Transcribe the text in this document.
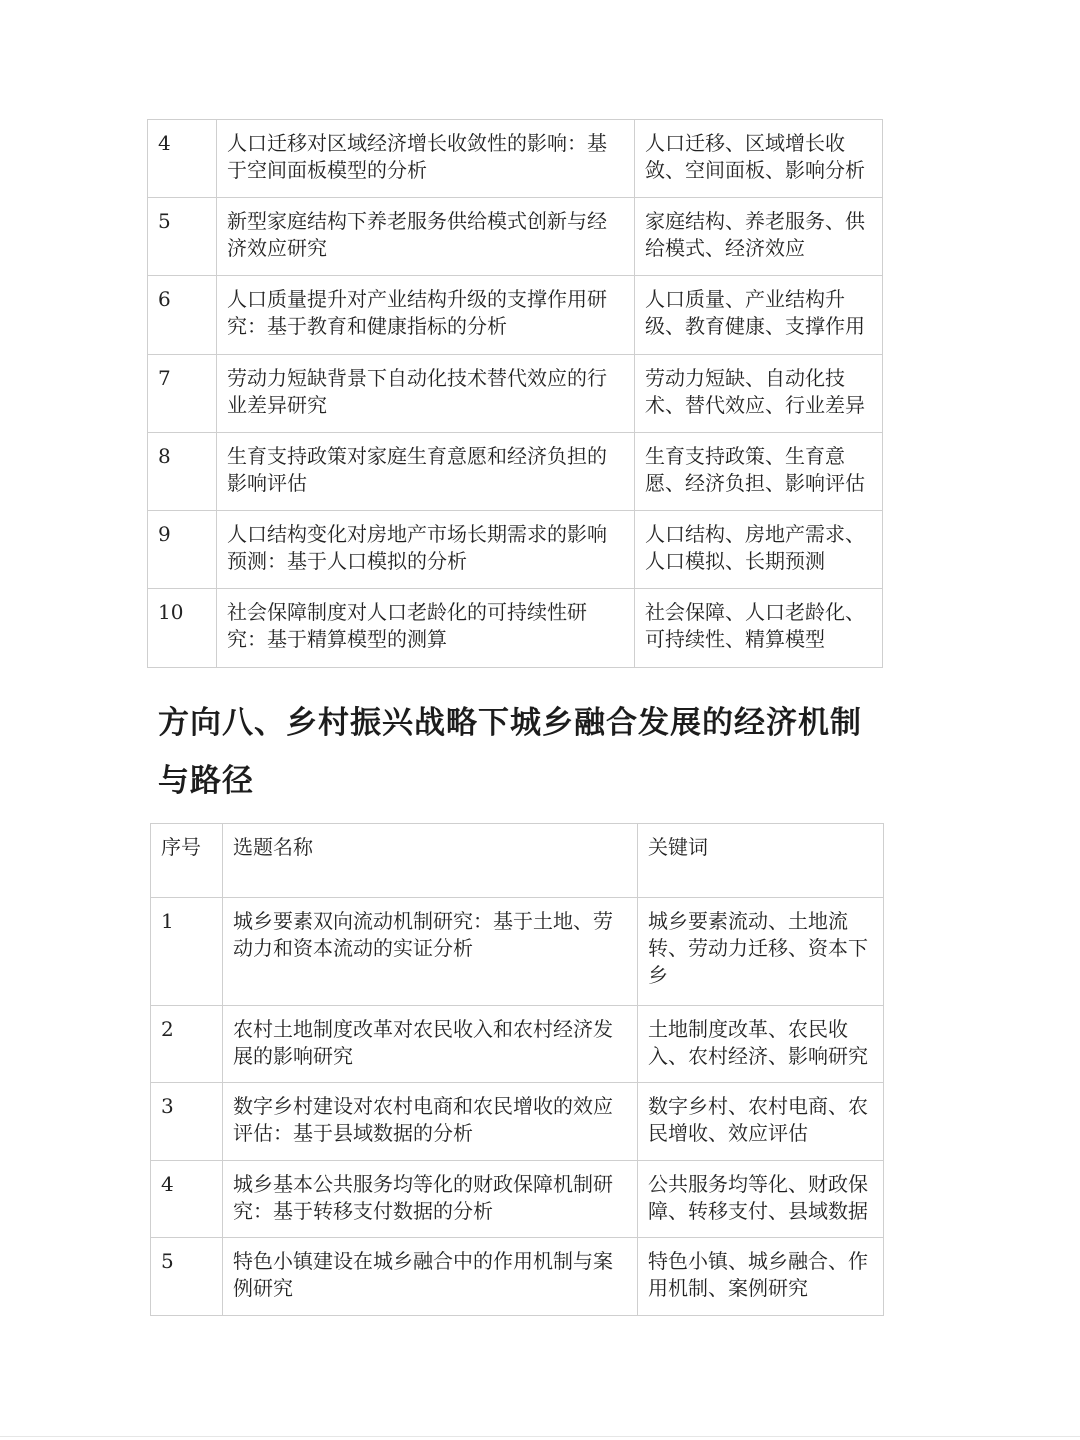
4	人口迁移对区域经济增长收敛性的影响：基于空间面板模型的分析	人口迁移、区域增长收敛、空间面板、影响分析
5	新型家庭结构下养老服务供给模式创新与经济效应研究	家庭结构、养老服务、供给模式、经济效应
6	人口质量提升对产业结构升级的支撑作用研究：基于教育和健康指标的分析	人口质量、产业结构升级、教育健康、支撑作用
7	劳动力短缺背景下自动化技术替代效应的行业差异研究	劳动力短缺、自动化技术、替代效应、行业差异
8	生育支持政策对家庭生育意愿和经济负担的影响评估	生育支持政策、生育意愿、经济负担、影响评估
9	人口结构变化对房地产市场长期需求的影响预测：基于人口模拟的分析	人口结构、房地产需求、人口模拟、长期预测
10	社会保障制度对人口老龄化的可持续性研究：基于精算模型的测算	社会保障、人口老龄化、可持续性、精算模型
方向八、乡村振兴战略下城乡融合发展的经济机制与路径
序号	选题名称	关键词
1	城乡要素双向流动机制研究：基于土地、劳动力和资本流动的实证分析	城乡要素流动、土地流转、劳动力迁移、资本下乡
2	农村土地制度改革对农民收入和农村经济发展的影响研究	土地制度改革、农民收入、农村经济、影响研究
3	数字乡村建设对农村电商和农民增收的效应评估：基于县域数据的分析	数字乡村、农村电商、农民增收、效应评估
4	城乡基本公共服务均等化的财政保障机制研究：基于转移支付数据的分析	公共服务均等化、财政保障、转移支付、县域数据
5	特色小镇建设在城乡融合中的作用机制与案例研究	特色小镇、城乡融合、作用机制、案例研究
